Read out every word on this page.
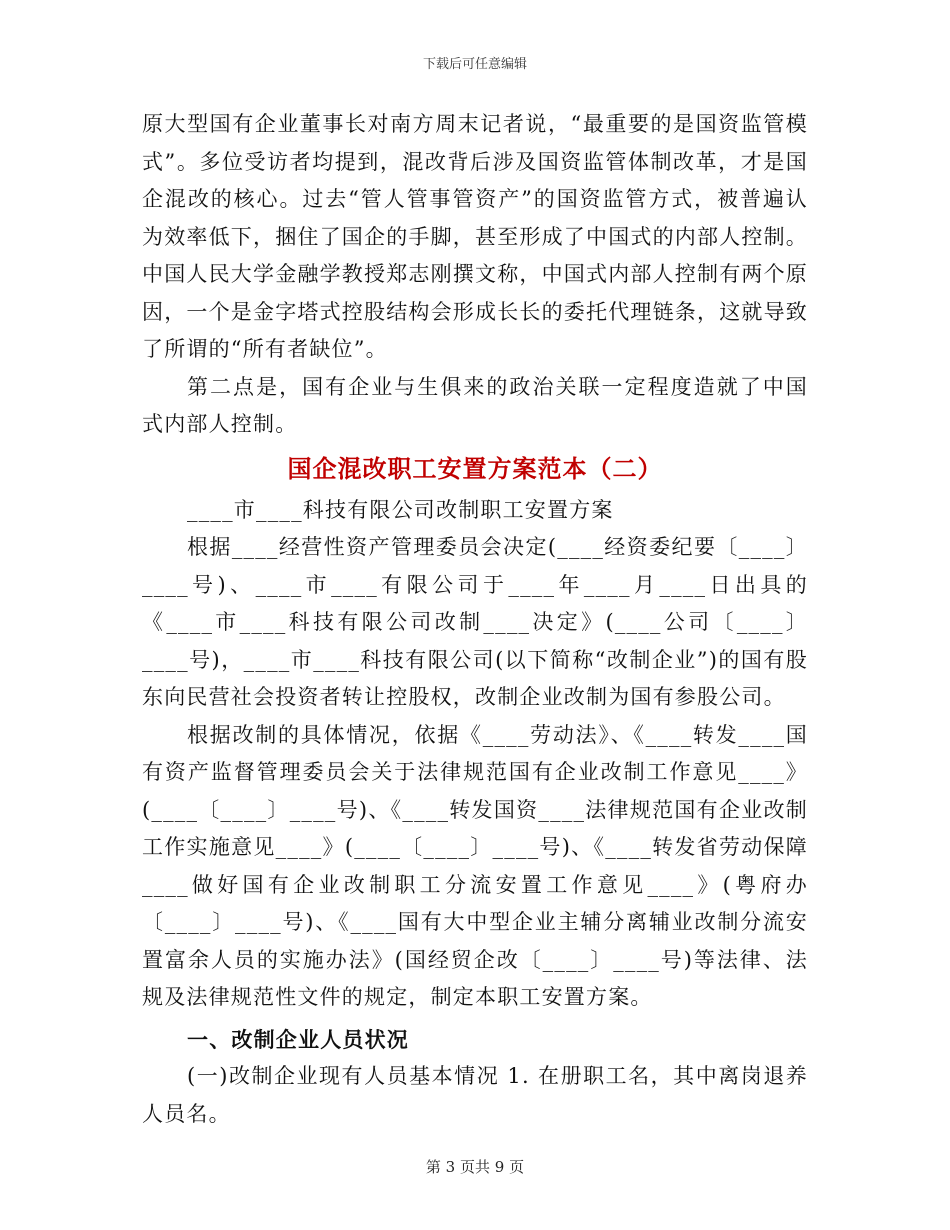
下载后可任意编辑

原大型国有企业董事长对南方周末记者说，“最重要的是国资监管模式”。多位受访者均提到，混改背后涉及国资监管体制改革，才是国企混改的核心。过去“管人管事管资产”的国资监管方式，被普遍认为效率低下，捆住了国企的手脚，甚至形成了中国式的内部人控制。中国人民大学金融学教授郑志刚撰文称，中国式内部人控制有两个原因，一个是金字塔式控股结构会形成长长的委托代理链条，这就导致了所谓的“所有者缺位”。

第二点是，国有企业与生俱来的政治关联一定程度造就了中国式内部人控制。

国企混改职工安置方案范本（二）

____市____科技有限公司改制职工安置方案

根据____经营性资产管理委员会决定(____经资委纪要〔____〕____号)、____市____有限公司于____年____月____日出具的《____市____科技有限公司改制____决定》(____公司〔____〕____号)，____市____科技有限公司(以下简称“改制企业”)的国有股东向民营社会投资者转让控股权，改制企业改制为国有参股公司。

根据改制的具体情况，依据《____劳动法》、《____转发____国有资产监督管理委员会关于法律规范国有企业改制工作意见____》(____〔____〕____号)、《____转发国资____法律规范国有企业改制工作实施意见____》(____〔____〕____号)、《____转发省劳动保障____做好国有企业改制职工分流安置工作意见____》(粤府办〔____〕____号)、《____国有大中型企业主辅分离辅业改制分流安置富余人员的实施办法》(国经贸企改〔____〕____号)等法律、法规及法律规范性文件的规定，制定本职工安置方案。

一、改制企业人员状况

(一)改制企业现有人员基本情况 1. 在册职工名，其中离岗退养人员名。

第 3 页共 9 页
